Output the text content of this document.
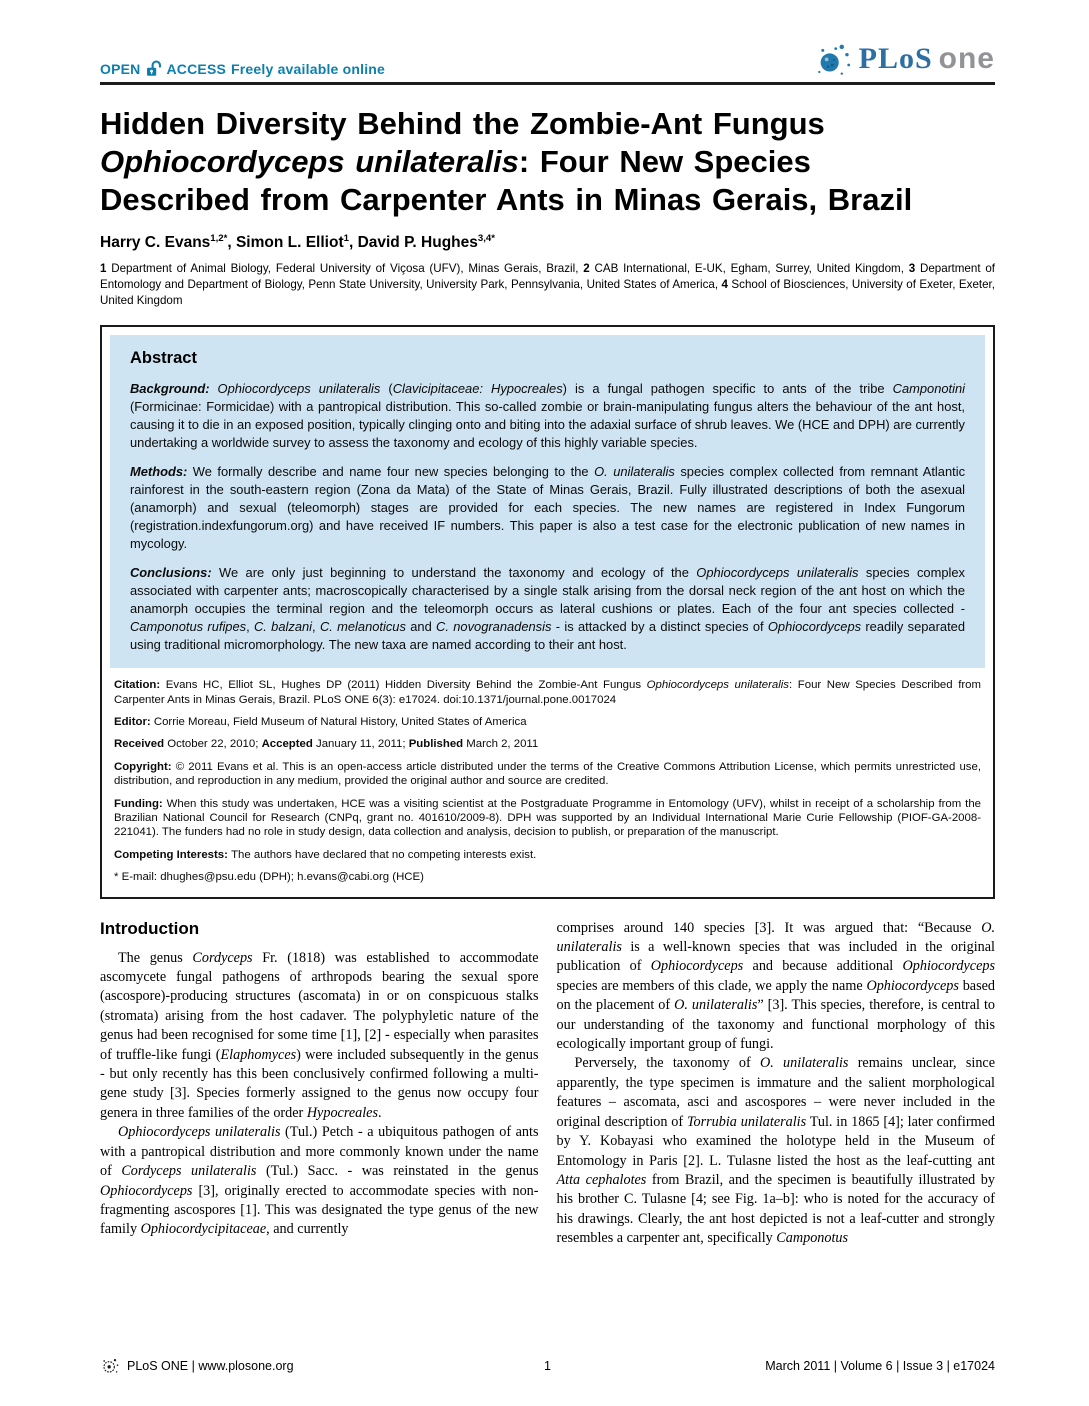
OPEN ACCESS Freely available online	PLoS one
Hidden Diversity Behind the Zombie-Ant Fungus
Ophiocordyceps unilateralis: Four New Species
Described from Carpenter Ants in Minas Gerais, Brazil
Harry C. Evans$^{1,2*}$, Simon L. Elliot$^1$, David P. Hughes$^{3,4*}$
1 Department of Animal Biology, Federal University of Viçosa (UFV), Minas Gerais, Brazil, 2 CAB International, E-UK, Egham, Surrey, United Kingdom, 3 Department of Entomology and Department of Biology, Penn State University, University Park, Pennsylvania, United States of America, 4 School of Biosciences, University of Exeter, Exeter, United Kingdom
Abstract

Background: Ophiocordyceps unilateralis (Clavicipitaceae: Hypocreales) is a fungal pathogen specific to ants of the tribe Camponotini (Formicinae: Formicidae) with a pantropical distribution. This so-called zombie or brain-manipulating fungus alters the behaviour of the ant host, causing it to die in an exposed position, typically clinging onto and biting into the adaxial surface of shrub leaves. We (HCE and DPH) are currently undertaking a worldwide survey to assess the taxonomy and ecology of this highly variable species.

Methods: We formally describe and name four new species belonging to the O. unilateralis species complex collected from remnant Atlantic rainforest in the south-eastern region (Zona da Mata) of the State of Minas Gerais, Brazil. Fully illustrated descriptions of both the asexual (anamorph) and sexual (teleomorph) stages are provided for each species. The new names are registered in Index Fungorum (registration.indexfungorum.org) and have received IF numbers. This paper is also a test case for the electronic publication of new names in mycology.

Conclusions: We are only just beginning to understand the taxonomy and ecology of the Ophiocordyceps unilateralis species complex associated with carpenter ants; macroscopically characterised by a single stalk arising from the dorsal neck region of the ant host on which the anamorph occupies the terminal region and the teleomorph occurs as lateral cushions or plates. Each of the four ant species collected - Camponotus rufipes, C. balzani, C. melanoticus and C. novogranadensis - is attacked by a distinct species of Ophiocordyceps readily separated using traditional micromorphology. The new taxa are named according to their ant host.

Citation: Evans HC, Elliot SL, Hughes DP (2011) Hidden Diversity Behind the Zombie-Ant Fungus Ophiocordyceps unilateralis: Four New Species Described from Carpenter Ants in Minas Gerais, Brazil. PLoS ONE 6(3): e17024. doi:10.1371/journal.pone.0017024

Editor: Corrie Moreau, Field Museum of Natural History, United States of America

Received October 22, 2010; Accepted January 11, 2011; Published March 2, 2011

Copyright: © 2011 Evans et al. This is an open-access article distributed under the terms of the Creative Commons Attribution License, which permits unrestricted use, distribution, and reproduction in any medium, provided the original author and source are credited.

Funding: When this study was undertaken, HCE was a visiting scientist at the Postgraduate Programme in Entomology (UFV), whilst in receipt of a scholarship from the Brazilian National Council for Research (CNPq, grant no. 401610/2009-8). DPH was supported by an Individual International Marie Curie Fellowship (PIOF-GA-2008-221041). The funders had no role in study design, data collection and analysis, decision to publish, or preparation of the manuscript.

Competing Interests: The authors have declared that no competing interests exist.

* E-mail: dhughes@psu.edu (DPH); h.evans@cabi.org (HCE)

Introduction

The genus Cordyceps Fr. (1818) was established to accommodate ascomycete fungal pathogens of arthropods bearing the sexual spore (ascospore)-producing structures (ascomata) in or on conspicuous stalks (stromata) arising from the host cadaver. The polyphyletic nature of the genus had been recognised for some time [1], [2] - especially when parasites of truffle-like fungi (Elaphomyces) were included subsequently in the genus - but only recently has this been conclusively confirmed following a multi-gene study [3]. Species formerly assigned to the genus now occupy four genera in three families of the order Hypocreales.

Ophiocordyceps unilateralis (Tul.) Petch - a ubiquitous pathogen of ants with a pantropical distribution and more commonly known under the name of Cordyceps unilateralis (Tul.) Sacc. - was reinstated in the genus Ophiocordyceps [3], originally erected to accommodate species with non-fragmenting ascospores [1]. This was designated the type genus of the new family Ophiocordycipitaceae, and currently

comprises around 140 species [3]. It was argued that: “Because O. unilateralis is a well-known species that was included in the original publication of Ophiocordyceps and because additional Ophiocordyceps species are members of this clade, we apply the name Ophiocordyceps based on the placement of O. unilateralis” [3]. This species, therefore, is central to our understanding of the taxonomy and functional morphology of this ecologically important group of fungi.

Perversely, the taxonomy of O. unilateralis remains unclear, since apparently, the type specimen is immature and the salient morphological features – ascomata, asci and ascospores – were never included in the original description of Torrubia unilateralis Tul. in 1865 [4]; later confirmed by Y. Kobayasi who examined the holotype held in the Museum of Entomology in Paris [2]. L. Tulasne listed the host as the leaf-cutting ant Atta cephalotes from Brazil, and the specimen is beautifully illustrated by his brother C. Tulasne [4; see Fig. 1a–b]: who is noted for the accuracy of his drawings. Clearly, the ant host depicted is not a leaf-cutter and strongly resembles a carpenter ant, specifically Camponotus

PLoS ONE | www.plosone.org	1	March 2011 | Volume 6 | Issue 3 | e17024
